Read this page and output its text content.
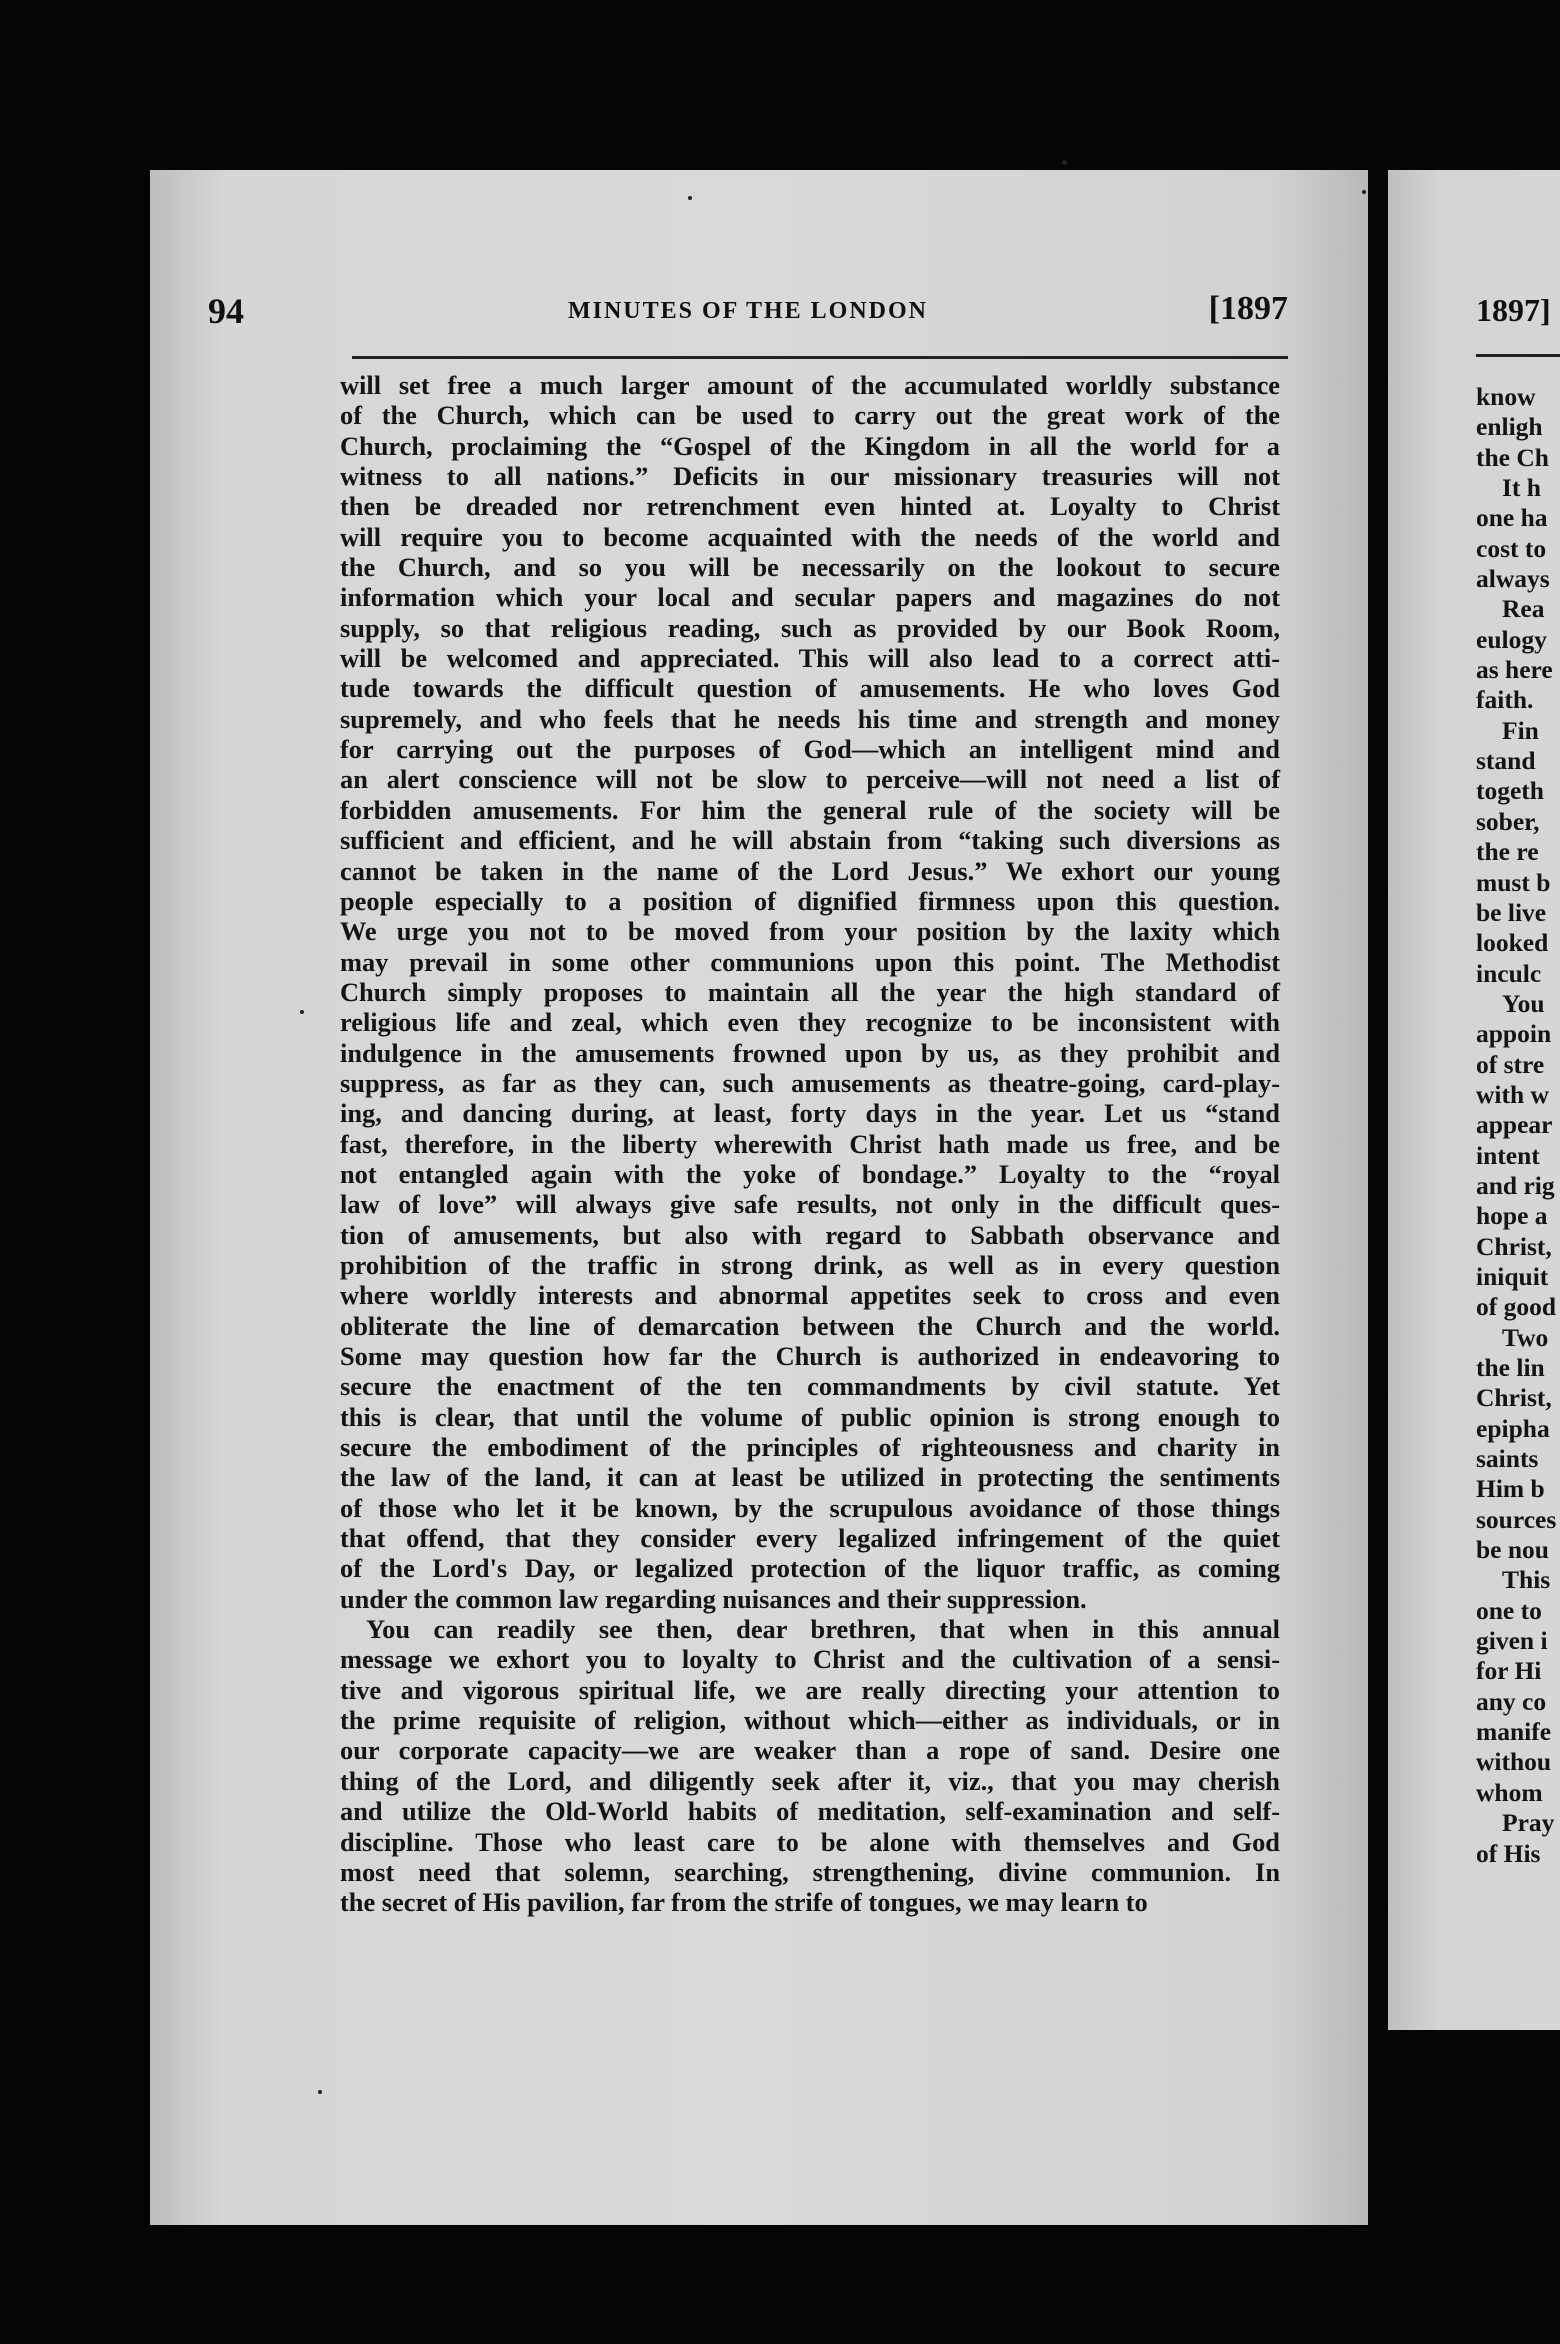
94	MINUTES OF THE LONDON	[1897
will set free a much larger amount of the accumulated worldly substance
of the Church, which can be used to carry out the great work of the
Church, proclaiming the “Gospel of the Kingdom in all the world for a
witness to all nations.” Deficits in our missionary treasuries will not
then be dreaded nor retrenchment even hinted at. Loyalty to Christ
will require you to become acquainted with the needs of the world and
the Church, and so you will be necessarily on the lookout to secure
information which your local and secular papers and magazines do not
supply, so that religious reading, such as provided by our Book Room,
will be welcomed and appreciated. This will also lead to a correct atti-
tude towards the difficult question of amusements. He who loves God
supremely, and who feels that he needs his time and strength and money
for carrying out the purposes of God—which an intelligent mind and
an alert conscience will not be slow to perceive—will not need a list of
forbidden amusements. For him the general rule of the society will be
sufficient and efficient, and he will abstain from “taking such diversions as
cannot be taken in the name of the Lord Jesus.” We exhort our young
people especially to a position of dignified firmness upon this question.
We urge you not to be moved from your position by the laxity which
may prevail in some other communions upon this point. The Methodist
Church simply proposes to maintain all the year the high standard of
religious life and zeal, which even they recognize to be inconsistent with
indulgence in the amusements frowned upon by us, as they prohibit and
suppress, as far as they can, such amusements as theatre-going, card-play-
ing, and dancing during, at least, forty days in the year. Let us “stand
fast, therefore, in the liberty wherewith Christ hath made us free, and be
not entangled again with the yoke of bondage.” Loyalty to the “royal
law of love” will always give safe results, not only in the difficult ques-
tion of amusements, but also with regard to Sabbath observance and
prohibition of the traffic in strong drink, as well as in every question
where worldly interests and abnormal appetites seek to cross and even
obliterate the line of demarcation between the Church and the world.
Some may question how far the Church is authorized in endeavoring to
secure the enactment of the ten commandments by civil statute. Yet
this is clear, that until the volume of public opinion is strong enough to
secure the embodiment of the principles of righteousness and charity in
the law of the land, it can at least be utilized in protecting the sentiments
of those who let it be known, by the scrupulous avoidance of those things
that offend, that they consider every legalized infringement of the quiet
of the Lord's Day, or legalized protection of the liquor traffic, as coming
under the common law regarding nuisances and their suppression.
You can readily see then, dear brethren, that when in this annual
message we exhort you to loyalty to Christ and the cultivation of a sensi-
tive and vigorous spiritual life, we are really directing your attention to
the prime requisite of religion, without which—either as individuals, or in
our corporate capacity—we are weaker than a rope of sand. Desire one
thing of the Lord, and diligently seek after it, viz., that you may cherish
and utilize the Old-World habits of meditation, self-examination and self-
discipline. Those who least care to be alone with themselves and God
most need that solemn, searching, strengthening, divine communion. In
the secret of His pavilion, far from the strife of tongues, we may learn to
1897]
know
enligh
the Ch
It h
one ha
cost to
always
Rea
eulogy
as here
faith.
Fin
stand
togeth
sober,
the re
must b
be live
looked
inculc
You
appoin
of stre
with w
appear
intent
and rig
hope a
Christ,
iniquit
of good
Two
the lin
Christ,
epipha
saints
Him b
sources
be nou
This
one to
given i
for Hi
any co
manife
withou
whom
Pray
of His
